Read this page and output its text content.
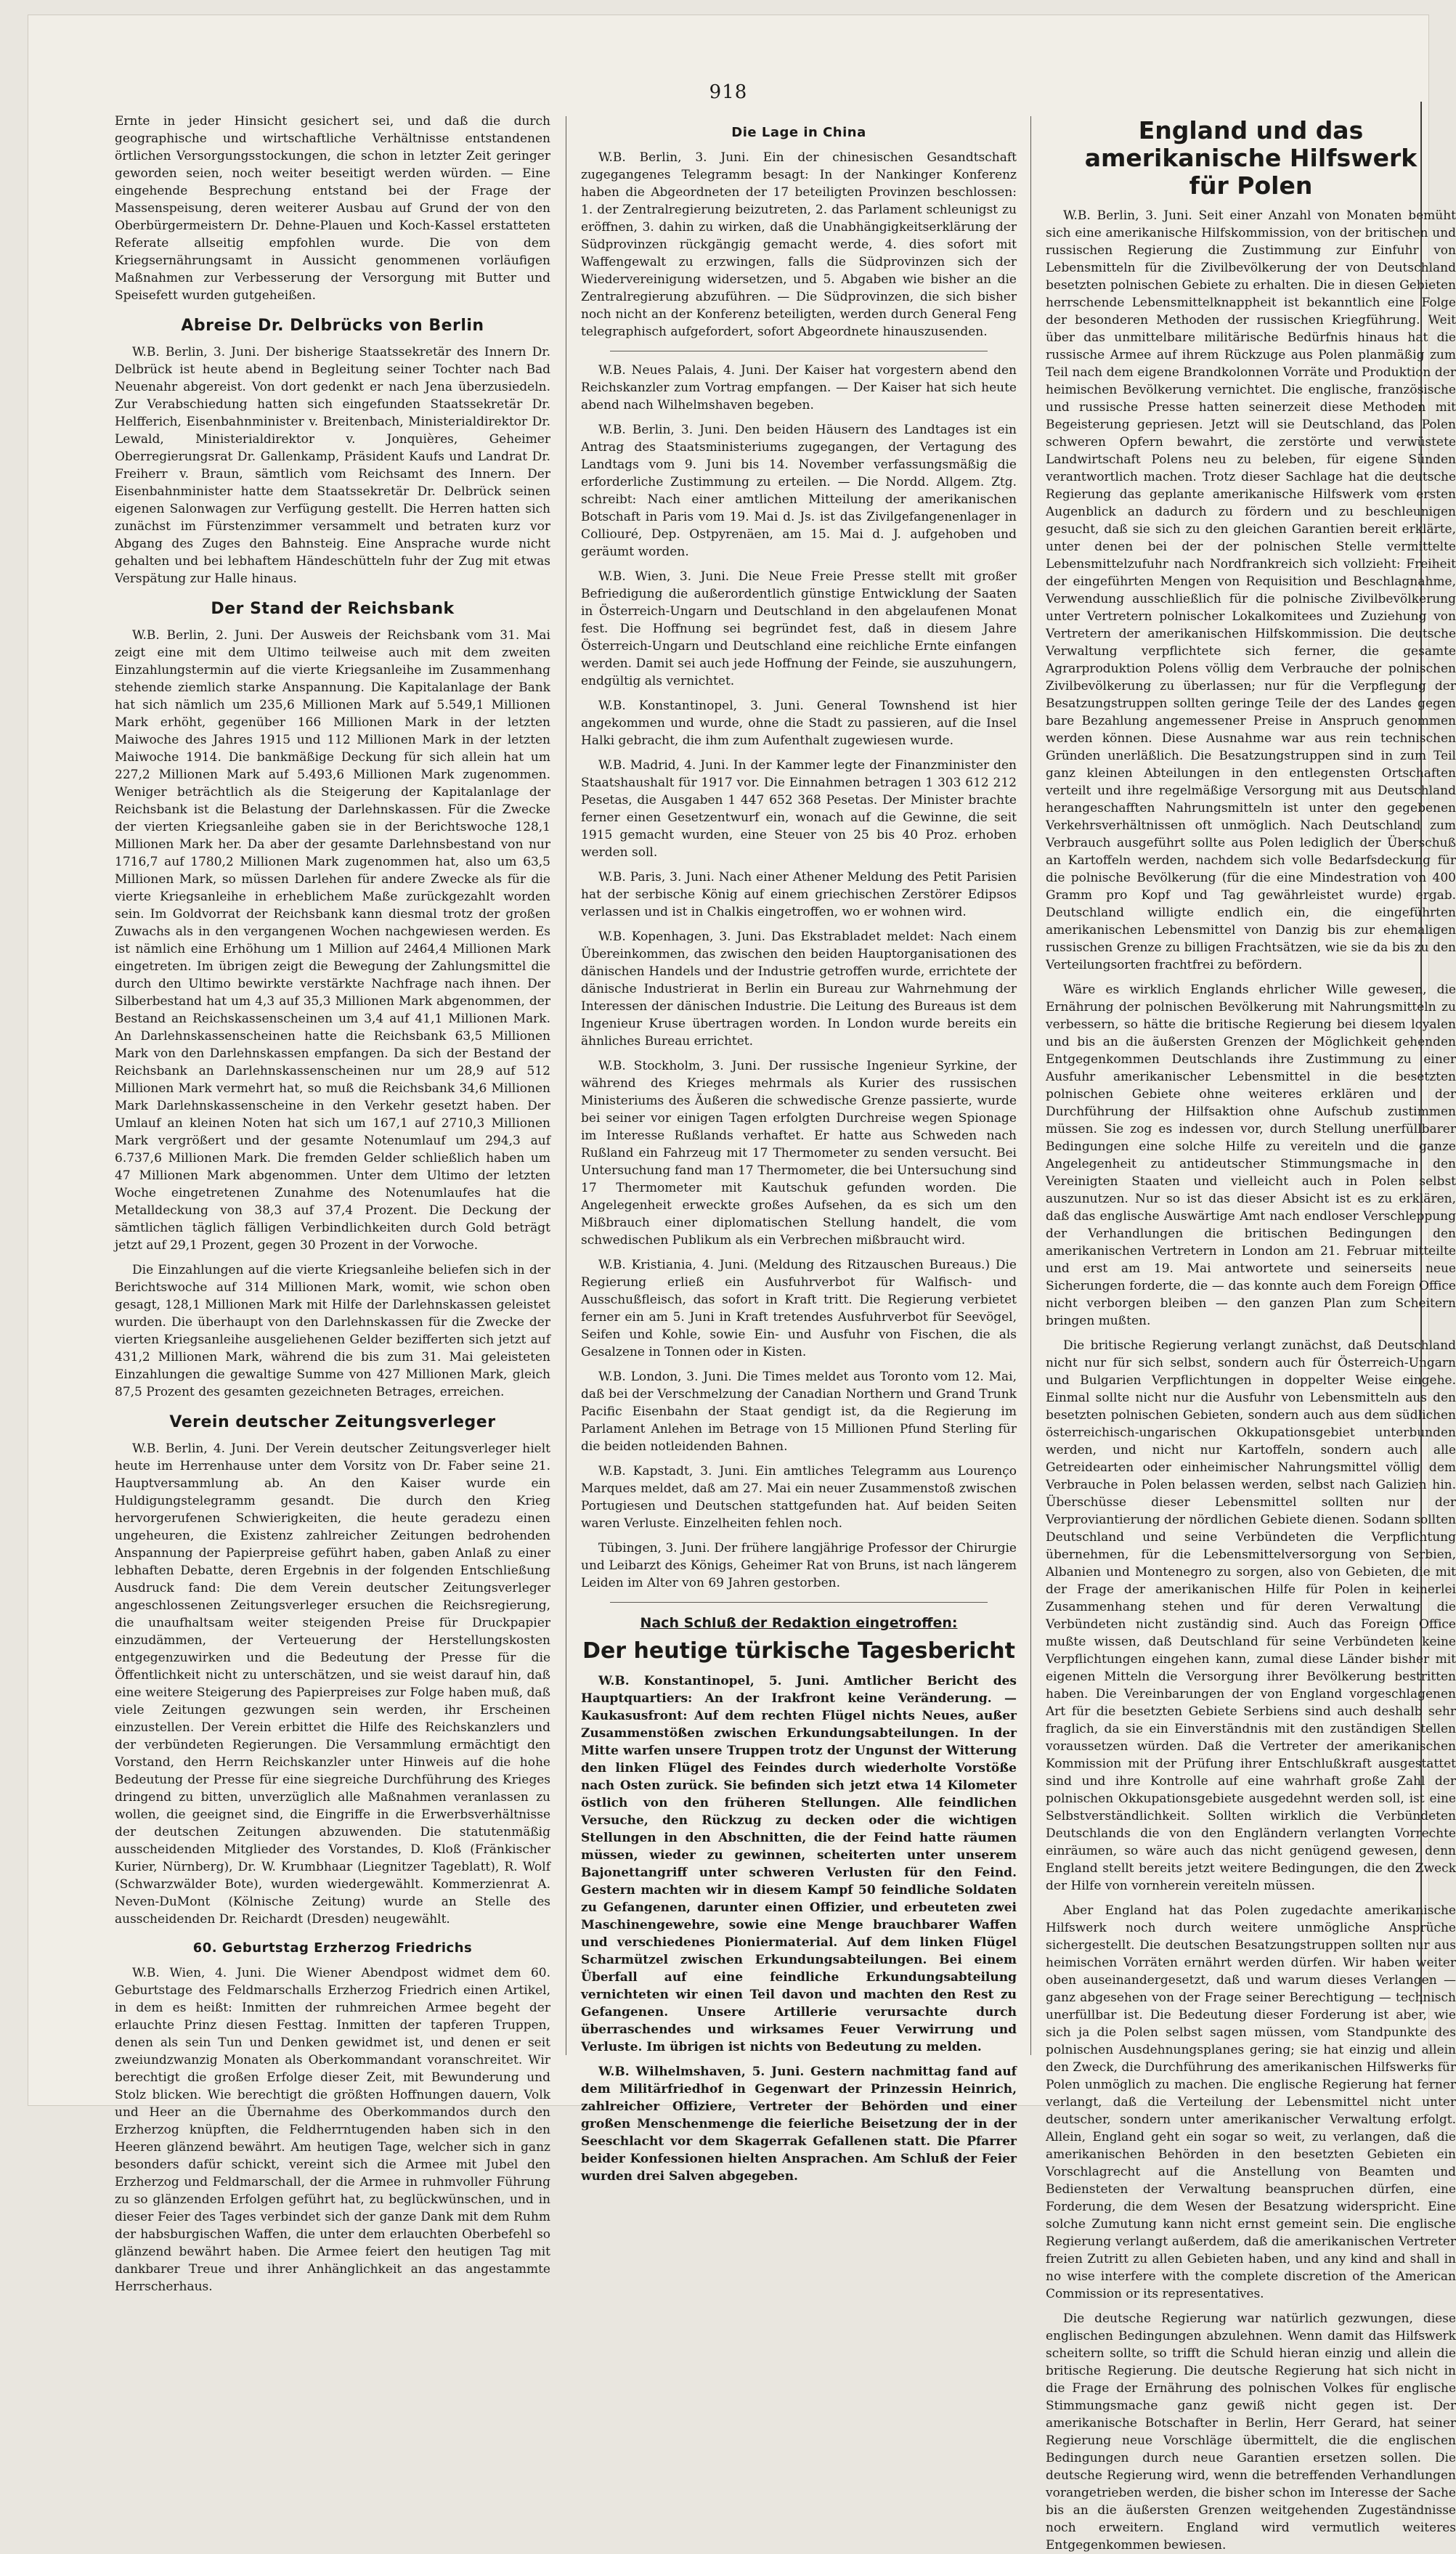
918

Ernte in jeder Hinsicht gesichert sei, und daß die durch geographische und wirtschaftliche Verhältnisse entstandenen örtlichen Versorgungsstockungen, die schon in letzter Zeit geringer geworden seien, noch weiter beseitigt werden würden. — Eine eingehende Besprechung entstand bei der Frage der Massenspeisung, deren weiterer Ausbau auf Grund der von den Oberbürgermeistern Dr. Dehne-Plauen und Koch-Kassel erstatteten Referate allseitig empfohlen wurde. Die von dem Kriegsernährungsamt in Aussicht genommenen vorläufigen Maßnahmen zur Verbesserung der Versorgung mit Butter und Speisefett wurden gutgeheißen.

Abreise Dr. Delbrücks von Berlin

W.B. Berlin, 3. Juni. Der bisherige Staatssekretär des Innern Dr. Delbrück ist heute abend in Begleitung seiner Tochter nach Bad Neuenahr abgereist. Von dort gedenkt er nach Jena überzusiedeln. Zur Verabschiedung hatten sich eingefunden Staatssekretär Dr. Helfferich, Eisenbahnminister v. Breitenbach, Ministerialdirektor Dr. Lewald, Ministerialdirektor v. Jonquières, Geheimer Oberregierungsrat Dr. Gallenkamp, Präsident Kaufs und Landrat Dr. Freiherr v. Braun, sämtlich vom Reichsamt des Innern. Der Eisenbahnminister hatte dem Staatssekretär Dr. Delbrück seinen eigenen Salonwagen zur Verfügung gestellt. Die Herren hatten sich zunächst im Fürstenzimmer versammelt und betraten kurz vor Abgang des Zuges den Bahnsteig. Eine Ansprache wurde nicht gehalten und bei lebhaftem Händeschütteln fuhr der Zug mit etwas Verspätung zur Halle hinaus.

Der Stand der Reichsbank

W.B. Berlin, 2. Juni. Der Ausweis der Reichsbank vom 31. Mai zeigt eine mit dem Ultimo teilweise auch mit dem zweiten Einzahlungstermin auf die vierte Kriegsanleihe im Zusammenhang stehende ziemlich starke Anspannung. Die Kapitalanlage der Bank hat sich nämlich um 235,6 Millionen Mark auf 5.549,1 Millionen Mark erhöht, gegenüber 166 Millionen Mark in der letzten Maiwoche des Jahres 1915 und 112 Millionen Mark in der letzten Maiwoche 1914. Die bankmäßige Deckung für sich allein hat um 227,2 Millionen Mark auf 5.493,6 Millionen Mark zugenommen. Weniger beträchtlich als die Steigerung der Kapitalanlage der Reichsbank ist die Belastung der Darlehnskassen. Für die Zwecke der vierten Kriegsanleihe gaben sie in der Berichtswoche 128,1 Millionen Mark her. Da aber der gesamte Darlehnsbestand von nur 1716,7 auf 1780,2 Millionen Mark zugenommen hat, also um 63,5 Millionen Mark, so müssen Darlehen für andere Zwecke als für die vierte Kriegsanleihe in erheblichem Maße zurückgezahlt worden sein. Im Goldvorrat der Reichsbank kann diesmal trotz der großen Zuwachs als in den vergangenen Wochen nachgewiesen werden. Es ist nämlich eine Erhöhung um 1 Million auf 2464,4 Millionen Mark eingetreten. Im übrigen zeigt die Bewegung der Zahlungsmittel die durch den Ultimo bewirkte verstärkte Nachfrage nach ihnen. Der Silberbestand hat um 4,3 auf 35,3 Millionen Mark abgenommen, der Bestand an Reichskassenscheinen um 3,4 auf 41,1 Millionen Mark. An Darlehnskassenscheinen hatte die Reichsbank 63,5 Millionen Mark von den Darlehnskassen empfangen. Da sich der Bestand der Reichsbank an Darlehnskassenscheinen nur um 28,9 auf 512 Millionen Mark vermehrt hat, so muß die Reichsbank 34,6 Millionen Mark Darlehnskassenscheine in den Verkehr gesetzt haben. Der Umlauf an kleinen Noten hat sich um 167,1 auf 2710,3 Millionen Mark vergrößert und der gesamte Notenumlauf um 294,3 auf 6.737,6 Millionen Mark. Die fremden Gelder schließlich haben um 47 Millionen Mark abgenommen. Unter dem Ultimo der letzten Woche eingetretenen Zunahme des Notenumlaufes hat die Metalldeckung von 38,3 auf 37,4 Prozent. Die Deckung der sämtlichen täglich fälligen Verbindlichkeiten durch Gold beträgt jetzt auf 29,1 Prozent, gegen 30 Prozent in der Vorwoche.

Die Einzahlungen auf die vierte Kriegsanleihe beliefen sich in der Berichtswoche auf 314 Millionen Mark, womit, wie schon oben gesagt, 128,1 Millionen Mark mit Hilfe der Darlehnskassen geleistet wurden. Die überhaupt von den Darlehnskassen für die Zwecke der vierten Kriegsanleihe ausgeliehenen Gelder bezifferten sich jetzt auf 431,2 Millionen Mark, während die bis zum 31. Mai geleisteten Einzahlungen die gewaltige Summe von 427 Millionen Mark, gleich 87,5 Prozent des gesamten gezeichneten Betrages, erreichen.

Verein deutscher Zeitungsverleger

W.B. Berlin, 4. Juni. Der Verein deutscher Zeitungsverleger hielt heute im Herrenhause unter dem Vorsitz von Dr. Faber seine 21. Hauptversammlung ab. An den Kaiser wurde ein Huldigungstelegramm gesandt. Die durch den Krieg hervorgerufenen Schwierigkeiten, die heute geradezu einen ungeheuren, die Existenz zahlreicher Zeitungen bedrohenden Anspannung der Papierpreise geführt haben, gaben Anlaß zu einer lebhaften Debatte, deren Ergebnis in der folgenden Entschließung Ausdruck fand: Die dem Verein deutscher Zeitungsverleger angeschlossenen Zeitungsverleger ersuchen die Reichsregierung, die unaufhaltsam weiter steigenden Preise für Druckpapier einzudämmen, der Verteuerung der Herstellungskosten entgegenzuwirken und die Bedeutung der Presse für die Öffentlichkeit nicht zu unterschätzen, und sie weist darauf hin, daß eine weitere Steigerung des Papierpreises zur Folge haben muß, daß viele Zeitungen gezwungen sein werden, ihr Erscheinen einzustellen. Der Verein erbittet die Hilfe des Reichskanzlers und der verbündeten Regierungen. Die Versammlung ermächtigt den Vorstand, den Herrn Reichskanzler unter Hinweis auf die hohe Bedeutung der Presse für eine siegreiche Durchführung des Krieges dringend zu bitten, unverzüglich alle Maßnahmen veranlassen zu wollen, die geeignet sind, die Eingriffe in die Erwerbsverhältnisse der deutschen Zeitungen abzuwenden. Die statutenmäßig ausscheidenden Mitglieder des Vorstandes, D. Kloß (Fränkischer Kurier, Nürnberg), Dr. W. Krumbhaar (Liegnitzer Tageblatt), R. Wolf (Schwarzwälder Bote), wurden wiedergewählt. Kommerzienrat A. Neven-DuMont (Kölnische Zeitung) wurde an Stelle des ausscheidenden Dr. Reichardt (Dresden) neugewählt.

60. Geburtstag Erzherzog Friedrichs

W.B. Wien, 4. Juni. Die Wiener Abendpost widmet dem 60. Geburtstage des Feldmarschalls Erzherzog Friedrich einen Artikel, in dem es heißt: Inmitten der ruhmreichen Armee begeht der erlauchte Prinz diesen Festtag. Inmitten der tapferen Truppen, denen als sein Tun und Denken gewidmet ist, und denen er seit zweiundzwanzig Monaten als Oberkommandant voranschreitet. Wir berechtigt die großen Erfolge dieser Zeit, mit Bewunderung und Stolz blicken. Wie berechtigt die größten Hoffnungen dauern, Volk und Heer an die Übernahme des Oberkommandos durch den Erzherzog knüpften, die Feldherrntugenden haben sich in den Heeren glänzend bewährt. Am heutigen Tage, welcher sich in ganz besonders dafür schickt, vereint sich die Armee mit Jubel den Erzherzog und Feldmarschall, der die Armee in ruhmvoller Führung zu so glänzenden Erfolgen geführt hat, zu beglückwünschen, und in dieser Feier des Tages verbindet sich der ganze Dank mit dem Ruhm der habsburgischen Waffen, die unter dem erlauchten Oberbefehl so glänzend bewährt haben. Die Armee feiert den heutigen Tag mit dankbarer Treue und ihrer Anhänglichkeit an das angestammte Herrscherhaus.

Die Lage in China

W.B. Berlin, 3. Juni. Ein der chinesischen Gesandtschaft zugegangenes Telegramm besagt: In der Nankinger Konferenz haben die Abgeordneten der 17 beteiligten Provinzen beschlossen: 1. der Zentralregierung beizutreten, 2. das Parlament schleunigst zu eröffnen, 3. dahin zu wirken, daß die Unabhängigkeitserklärung der Südprovinzen rückgängig gemacht werde, 4. dies sofort mit Waffengewalt zu erzwingen, falls die Südprovinzen sich der Wiedervereinigung widersetzen, und 5. Abgaben wie bisher an die Zentralregierung abzuführen. — Die Südprovinzen, die sich bisher noch nicht an der Konferenz beteiligten, werden durch General Feng telegraphisch aufgefordert, sofort Abgeordnete hinauszusenden.

W.B. Neues Palais, 4. Juni. Der Kaiser hat vorgestern abend den Reichskanzler zum Vortrag empfangen. — Der Kaiser hat sich heute abend nach Wilhelmshaven begeben.

W.B. Berlin, 3. Juni. Den beiden Häusern des Landtages ist ein Antrag des Staatsministeriums zugegangen, der Vertagung des Landtags vom 9. Juni bis 14. November verfassungsmäßig die erforderliche Zustimmung zu erteilen. — Die Nordd. Allgem. Ztg. schreibt: Nach einer amtlichen Mitteilung der amerikanischen Botschaft in Paris vom 19. Mai d. Js. ist das Zivilgefangenenlager in Colliouré, Dep. Ostpyrenäen, am 15. Mai d. J. aufgehoben und geräumt worden.

W.B. Wien, 3. Juni. Die Neue Freie Presse stellt mit großer Befriedigung die außerordentlich günstige Entwicklung der Saaten in Österreich-Ungarn und Deutschland in den abgelaufenen Monat fest. Die Hoffnung sei begründet fest, daß in diesem Jahre Österreich-Ungarn und Deutschland eine reichliche Ernte einfangen werden. Damit sei auch jede Hoffnung der Feinde, sie auszuhungern, endgültig als vernichtet.

W.B. Konstantinopel, 3. Juni. General Townshend ist hier angekommen und wurde, ohne die Stadt zu passieren, auf die Insel Halki gebracht, die ihm zum Aufenthalt zugewiesen wurde.

W.B. Madrid, 4. Juni. In der Kammer legte der Finanzminister den Staatshaushalt für 1917 vor. Die Einnahmen betragen 1 303 612 212 Pesetas, die Ausgaben 1 447 652 368 Pesetas. Der Minister brachte ferner einen Gesetzentwurf ein, wonach auf die Gewinne, die seit 1915 gemacht wurden, eine Steuer von 25 bis 40 Proz. erhoben werden soll.

W.B. Paris, 3. Juni. Nach einer Athener Meldung des Petit Parisien hat der serbische König auf einem griechischen Zerstörer Edipsos verlassen und ist in Chalkis eingetroffen, wo er wohnen wird.

W.B. Kopenhagen, 3. Juni. Das Ekstrabladet meldet: Nach einem Übereinkommen, das zwischen den beiden Hauptorganisationen des dänischen Handels und der Industrie getroffen wurde, errichtete der dänische Industrierat in Berlin ein Bureau zur Wahrnehmung der Interessen der dänischen Industrie. Die Leitung des Bureaus ist dem Ingenieur Kruse übertragen worden. In London wurde bereits ein ähnliches Bureau errichtet.

W.B. Stockholm, 3. Juni. Der russische Ingenieur Syrkine, der während des Krieges mehrmals als Kurier des russischen Ministeriums des Äußeren die schwedische Grenze passierte, wurde bei seiner vor einigen Tagen erfolgten Durchreise wegen Spionage im Interesse Rußlands verhaftet. Er hatte aus Schweden nach Rußland ein Fahrzeug mit 17 Thermometer zu senden versucht. Bei Untersuchung fand man 17 Thermometer, die bei Untersuchung sind 17 Thermometer mit Kautschuk gefunden worden. Die Angelegenheit erweckte großes Aufsehen, da es sich um den Mißbrauch einer diplomatischen Stellung handelt, die vom schwedischen Publikum als ein Verbrechen mißbraucht wird.

W.B. Kristiania, 4. Juni. (Meldung des Ritzauschen Bureaus.) Die Regierung erließ ein Ausfuhrverbot für Walfisch- und Ausschußfleisch, das sofort in Kraft tritt. Die Regierung verbietet ferner ein am 5. Juni in Kraft tretendes Ausfuhrverbot für Seevögel, Seifen und Kohle, sowie Ein- und Ausfuhr von Fischen, die als Gesalzene in Tonnen oder in Kisten.

W.B. London, 3. Juni. Die Times meldet aus Toronto vom 12. Mai, daß bei der Verschmelzung der Canadian Northern und Grand Trunk Pacific Eisenbahn der Staat gendigt ist, da die Regierung im Parlament Anlehen im Betrage von 15 Millionen Pfund Sterling für die beiden notleidenden Bahnen.

W.B. Kapstadt, 3. Juni. Ein amtliches Telegramm aus Lourenço Marques meldet, daß am 27. Mai ein neuer Zusammenstoß zwischen Portugiesen und Deutschen stattgefunden hat. Auf beiden Seiten waren Verluste. Einzelheiten fehlen noch.

Tübingen, 3. Juni. Der frühere langjährige Professor der Chirurgie und Leibarzt des Königs, Geheimer Rat von Bruns, ist nach längerem Leiden im Alter von 69 Jahren gestorben.

Nach Schluß der Redaktion eingetroffen:
Der heutige türkische Tagesbericht

W.B. Konstantinopel, 5. Juni. Amtlicher Bericht des Hauptquartiers: An der Irakfront keine Veränderung. — Kaukasusfront: Auf dem rechten Flügel nichts Neues, außer Zusammenstößen zwischen Erkundungsabteilungen. In der Mitte warfen unsere Truppen trotz der Ungunst der Witterung den linken Flügel des Feindes durch wiederholte Vorstöße nach Osten zurück. Sie befinden sich jetzt etwa 14 Kilometer östlich von den früheren Stellungen. Alle feindlichen Versuche, den Rückzug zu decken oder die wichtigen Stellungen in den Abschnitten, die der Feind hatte räumen müssen, wieder zu gewinnen, scheiterten unter unserem Bajonettangriff unter schweren Verlusten für den Feind. Gestern machten wir in diesem Kampf 50 feindliche Soldaten zu Gefangenen, darunter einen Offizier, und erbeuteten zwei Maschinengewehre, sowie eine Menge brauchbarer Waffen und verschiedenes Pioniermaterial. Auf dem linken Flügel Scharmützel zwischen Erkundungsabteilungen. Bei einem Überfall auf eine feindliche Erkundungsabteilung vernichteten wir einen Teil davon und machten den Rest zu Gefangenen. Unsere Artillerie verursachte durch überraschendes und wirksames Feuer Verwirrung und Verluste. Im übrigen ist nichts von Bedeutung zu melden.

W.B. Wilhelmshaven, 5. Juni. Gestern nachmittag fand auf dem Militärfriedhof in Gegenwart der Prinzessin Heinrich, zahlreicher Offiziere, Vertreter der Behörden und einer großen Menschenmenge die feierliche Beisetzung der in der Seeschlacht vor dem Skagerrak Gefallenen statt. Die Pfarrer beider Konfessionen hielten Ansprachen. Am Schluß der Feier wurden drei Salven abgegeben.

England und das amerikanische Hilfswerk
für Polen

W.B. Berlin, 3. Juni. Seit einer Anzahl von Monaten bemüht sich eine amerikanische Hilfskommission, von der britischen und russischen Regierung die Zustimmung zur Einfuhr von Lebensmitteln für die Zivilbevölkerung der von Deutschland besetzten polnischen Gebiete zu erhalten. Die in diesen Gebieten herrschende Lebensmittelknappheit ist bekanntlich eine Folge der besonderen Methoden der russischen Kriegführung. Weit über das unmittelbare militärische Bedürfnis hinaus hat die russische Armee auf ihrem Rückzuge aus Polen planmäßig zum Teil nach dem eigene Brandkolonnen Vorräte und Produktion der heimischen Bevölkerung vernichtet. Die englische, französische und russische Presse hatten seinerzeit diese Methoden mit Begeisterung gepriesen. Jetzt will sie Deutschland, das Polen schweren Opfern bewahrt, die zerstörte und verwüstete Landwirtschaft Polens neu zu beleben, für eigene Sünden verantwortlich machen. Trotz dieser Sachlage hat die deutsche Regierung das geplante amerikanische Hilfswerk vom ersten Augenblick an dadurch zu fördern und zu beschleunigen gesucht, daß sie sich zu den gleichen Garantien bereit erklärte, unter denen bei der der polnischen Stelle vermittelte Lebensmittelzufuhr nach Nordfrankreich sich vollzieht: Freiheit der eingeführten Mengen von Requisition und Beschlagnahme, Verwendung ausschließlich für die polnische Zivilbevölkerung unter Vertretern polnischer Lokalkomitees und Zuziehung von Vertretern der amerikanischen Hilfskommission. Die deutsche Verwaltung verpflichtete sich ferner, die gesamte Agrarproduktion Polens völlig dem Verbrauche der polnischen Zivilbevölkerung zu überlassen; nur für die Verpflegung der Besatzungstruppen sollten geringe Teile der des Landes gegen bare Bezahlung angemessener Preise in Anspruch genommen werden können. Diese Ausnahme war aus rein technischen Gründen unerläßlich. Die Besatzungstruppen sind in zum Teil ganz kleinen Abteilungen in den entlegensten Ortschaften verteilt und ihre regelmäßige Versorgung mit aus Deutschland herangeschafften Nahrungsmitteln ist unter den gegebenen Verkehrsverhältnissen oft unmöglich. Nach Deutschland zum Verbrauch ausgeführt sollte aus Polen lediglich der Überschuß an Kartoffeln werden, nachdem sich volle Bedarfsdeckung für die polnische Bevölkerung (für die eine Mindestration von 400 Gramm pro Kopf und Tag gewährleistet wurde) ergab. Deutschland willigte endlich ein, die eingeführten amerikanischen Lebensmittel von Danzig bis zur ehemaligen russischen Grenze zu billigen Frachtsätzen, wie sie da bis zu den Verteilungsorten frachtfrei zu befördern.

Wäre es wirklich Englands ehrlicher Wille gewesen, die Ernährung der polnischen Bevölkerung mit Nahrungsmitteln zu verbessern, so hätte die britische Regierung bei diesem loyalen und bis an die äußersten Grenzen der Möglichkeit gehenden Entgegenkommen Deutschlands ihre Zustimmung zu einer Ausfuhr amerikanischer Lebensmittel in die besetzten polnischen Gebiete ohne weiteres erklären und der Durchführung der Hilfsaktion ohne Aufschub zustimmen müssen. Sie zog es indessen vor, durch Stellung unerfüllbarer Bedingungen eine solche Hilfe zu vereiteln und die ganze Angelegenheit zu antideutscher Stimmungsmache in den Vereinigten Staaten und vielleicht auch in Polen selbst auszunutzen. Nur so ist das dieser Absicht ist es zu erklären, daß das englische Auswärtige Amt nach endloser Verschleppung der Verhandlungen die britischen Bedingungen den amerikanischen Vertretern in London am 21. Februar mitteilte und erst am 19. Mai antwortete und seinerseits neue Sicherungen forderte, die — das konnte auch dem Foreign Office nicht verborgen bleiben — den ganzen Plan zum Scheitern bringen mußten.

Die britische Regierung verlangt zunächst, daß Deutschland nicht nur für sich selbst, sondern auch für Österreich-Ungarn und Bulgarien Verpflichtungen in doppelter Weise eingehe. Einmal sollte nicht nur die Ausfuhr von Lebensmitteln aus den besetzten polnischen Gebieten, sondern auch aus dem südlichen österreichisch-ungarischen Okkupationsgebiet unterbunden werden, und nicht nur Kartoffeln, sondern auch alle Getreidearten oder einheimischer Nahrungsmittel völlig dem Verbrauche in Polen belassen werden, selbst nach Galizien hin. Überschüsse dieser Lebensmittel sollten nur der Verproviantierung der nördlichen Gebiete dienen. Sodann sollten Deutschland und seine Verbündeten die Verpflichtung übernehmen, für die Lebensmittelversorgung von Serbien, Albanien und Montenegro zu sorgen, also von Gebieten, die mit der Frage der amerikanischen Hilfe für Polen in keinerlei Zusammenhang stehen und für deren Verwaltung die Verbündeten nicht zuständig sind. Auch das Foreign Office mußte wissen, daß Deutschland für seine Verbündeten keine Verpflichtungen eingehen kann, zumal diese Länder bisher mit eigenen Mitteln die Versorgung ihrer Bevölkerung bestritten haben. Die Vereinbarungen der von England vorgeschlagenen Art für die besetzten Gebiete Serbiens sind auch deshalb sehr fraglich, da sie ein Einverständnis mit den zuständigen Stellen voraussetzen würden. Daß die Vertreter der amerikanischen Kommission mit der Prüfung ihrer Entschlußkraft ausgestattet sind und ihre Kontrolle auf eine wahrhaft große Zahl der polnischen Okkupationsgebiete ausgedehnt werden soll, ist eine Selbstverständlichkeit. Sollten wirklich die Verbündeten Deutschlands die von den Engländern verlangten Vorrechte einräumen, so wäre auch das nicht genügend gewesen, denn England stellt bereits jetzt weitere Bedingungen, die den Zweck der Hilfe von vornherein vereiteln müssen.

Aber England hat das Polen zugedachte amerikanische Hilfswerk noch durch weitere unmögliche Ansprüche sichergestellt. Die deutschen Besatzungstruppen sollten nur aus heimischen Vorräten ernährt werden dürfen. Wir haben weiter oben auseinandergesetzt, daß und warum dieses Verlangen — ganz abgesehen von der Frage seiner Berechtigung — technisch unerfüllbar ist. Die Bedeutung dieser Forderung ist aber, wie sich ja die Polen selbst sagen müssen, vom Standpunkte des polnischen Ausdehnungsplanes gering; sie hat einzig und allein den Zweck, die Durchführung des amerikanischen Hilfswerks für Polen unmöglich zu machen. Die englische Regierung hat ferner verlangt, daß die Verteilung der Lebensmittel nicht unter deutscher, sondern unter amerikanischer Verwaltung erfolgt. Allein, England geht ein sogar so weit, zu verlangen, daß die amerikanischen Behörden in den besetzten Gebieten ein Vorschlagrecht auf die Anstellung von Beamten und Bediensteten der Verwaltung beanspruchen dürfen, eine Forderung, die dem Wesen der Besatzung widerspricht. Eine solche Zumutung kann nicht ernst gemeint sein. Die englische Regierung verlangt außerdem, daß die amerikanischen Vertreter freien Zutritt zu allen Gebieten haben, und any kind and shall in no wise interfere with the complete discretion of the American Commission or its representatives.

Die deutsche Regierung war natürlich gezwungen, diese englischen Bedingungen abzulehnen. Wenn damit das Hilfswerk scheitern sollte, so trifft die Schuld hieran einzig und allein die britische Regierung. Die deutsche Regierung hat sich nicht in die Frage der Ernährung des polnischen Volkes für englische Stimmungsmache ganz gewiß nicht gegen ist. Der amerikanische Botschafter in Berlin, Herr Gerard, hat seiner Regierung neue Vorschläge übermittelt, die die englischen Bedingungen durch neue Garantien ersetzen sollen. Die deutsche Regierung wird, wenn die betreffenden Verhandlungen vorangetrieben werden, die bisher schon im Interesse der Sache bis an die äußersten Grenzen weitgehenden Zugeständnisse noch erweitern. England wird vermutlich weiteres Entgegenkommen bewiesen.
